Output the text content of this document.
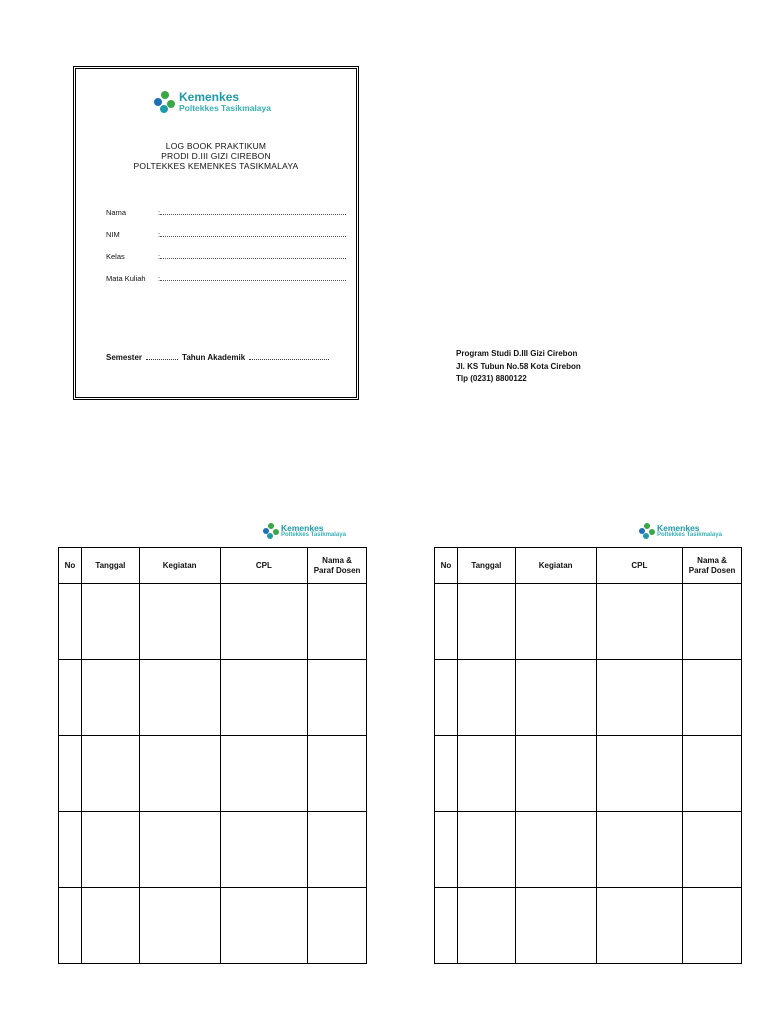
Kemenkes
Poltekkes Tasikmalaya
LOG BOOK PRAKTIKUM
PRODI D.III GIZI CIREBON
POLTEKKES KEMENKES TASIKMALAYA
Nama	:
NIM	:
Kelas	:
Mata Kuliah	:
Semester	Tahun Akademik	Program Studi D.III Gizi Cirebon
Jl. KS Tubun No.58 Kota Cirebon
Tlp (0231) 8800122
Kemenkes
Poltekkes Tasikmalaya
No	Tanggal	Kegiatan	CPL	Nama &
Paraf Dosen

Kemenkes
Poltekkes Tasikmalaya
No	Tanggal	Kegiatan	CPL	Nama &
Paraf Dosen
